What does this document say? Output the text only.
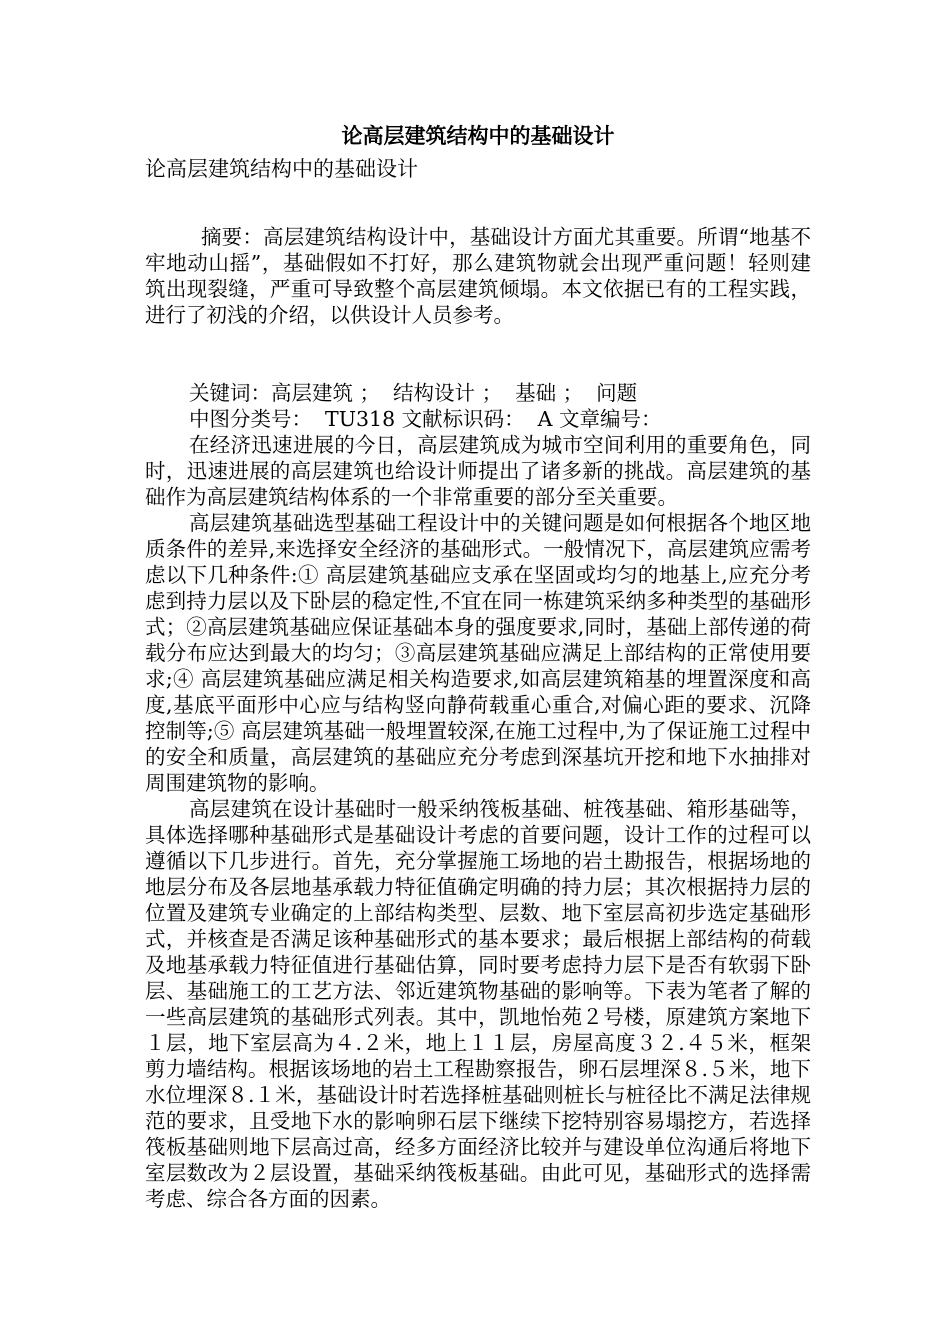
论高层建筑结构中的基础设计
论高层建筑结构中的基础设计

摘要：高层建筑结构设计中，基础设计方面尤其重要。所谓“地基不牢地动山摇”，基础假如不打好，那么建筑物就会出现严重问题！轻则建筑出现裂缝，严重可导致整个高层建筑倾塌。本文依据已有的工程实践，进行了初浅的介绍，以供设计人员参考。

关键词：高层建筑 ；  结构设计 ；  基础 ；  问题

中图分类号：  TU318 文献标识码：  A 文章编号：

在经济迅速进展的今日，高层建筑成为城市空间利用的重要角色，同时，迅速进展的高层建筑也给设计师提出了诸多新的挑战。高层建筑的基础作为高层建筑结构体系的一个非常重要的部分至关重要。

高层建筑基础选型基础工程设计中的关键问题是如何根据各个地区地质条件的差异,来选择安全经济的基础形式。一般情况下，高层建筑应需考虑以下几种条件:① 高层建筑基础应支承在坚固或均匀的地基上,应充分考虑到持力层以及下卧层的稳定性,不宜在同一栋建筑采纳多种类型的基础形式；②高层建筑基础应保证基础本身的强度要求,同时，基础上部传递的荷载分布应达到最大的均匀；③高层建筑基础应满足上部结构的正常使用要求;④ 高层建筑基础应满足相关构造要求,如高层建筑箱基的埋置深度和高度,基底平面形中心应与结构竖向静荷载重心重合,对偏心距的要求、沉降控制等;⑤ 高层建筑基础一般埋置较深,在施工过程中,为了保证施工过程中的安全和质量，高层建筑的基础应充分考虑到深基坑开挖和地下水抽排对周围建筑物的影响。

高层建筑在设计基础时一般采纳筏板基础、桩筏基础、箱形基础等，具体选择哪种基础形式是基础设计考虑的首要问题，设计工作的过程可以遵循以下几步进行。首先，充分掌握施工场地的岩土勘报告，根据场地的地层分布及各层地基承载力特征值确定明确的持力层；其次根据持力层的位置及建筑专业确定的上部结构类型、层数、地下室层高初步选定基础形式，并核查是否满足该种基础形式的基本要求；最后根据上部结构的荷载及地基承载力特征值进行基础估算，同时要考虑持力层下是否有软弱下卧层、基础施工的工艺方法、邻近建筑物基础的影响等。下表为笔者了解的一些高层建筑的基础形式列表。其中，凯地怡苑２号楼，原建筑方案地下１层，地下室层高为４.２米，地上１１层，房屋高度３２.４５米，框架剪力墙结构。根据该场地的岩土工程勘察报告，卵石层埋深８.５米，地下水位埋深８.１米，基础设计时若选择桩基础则桩长与桩径比不满足法律规范的要求，且受地下水的影响卵石层下继续下挖特别容易塌挖方，若选择筏板基础则地下层高过高，经多方面经济比较并与建设单位沟通后将地下室层数改为２层设置，基础采纳筏板基础。由此可见，基础形式的选择需考虑、综合各方面的因素。
